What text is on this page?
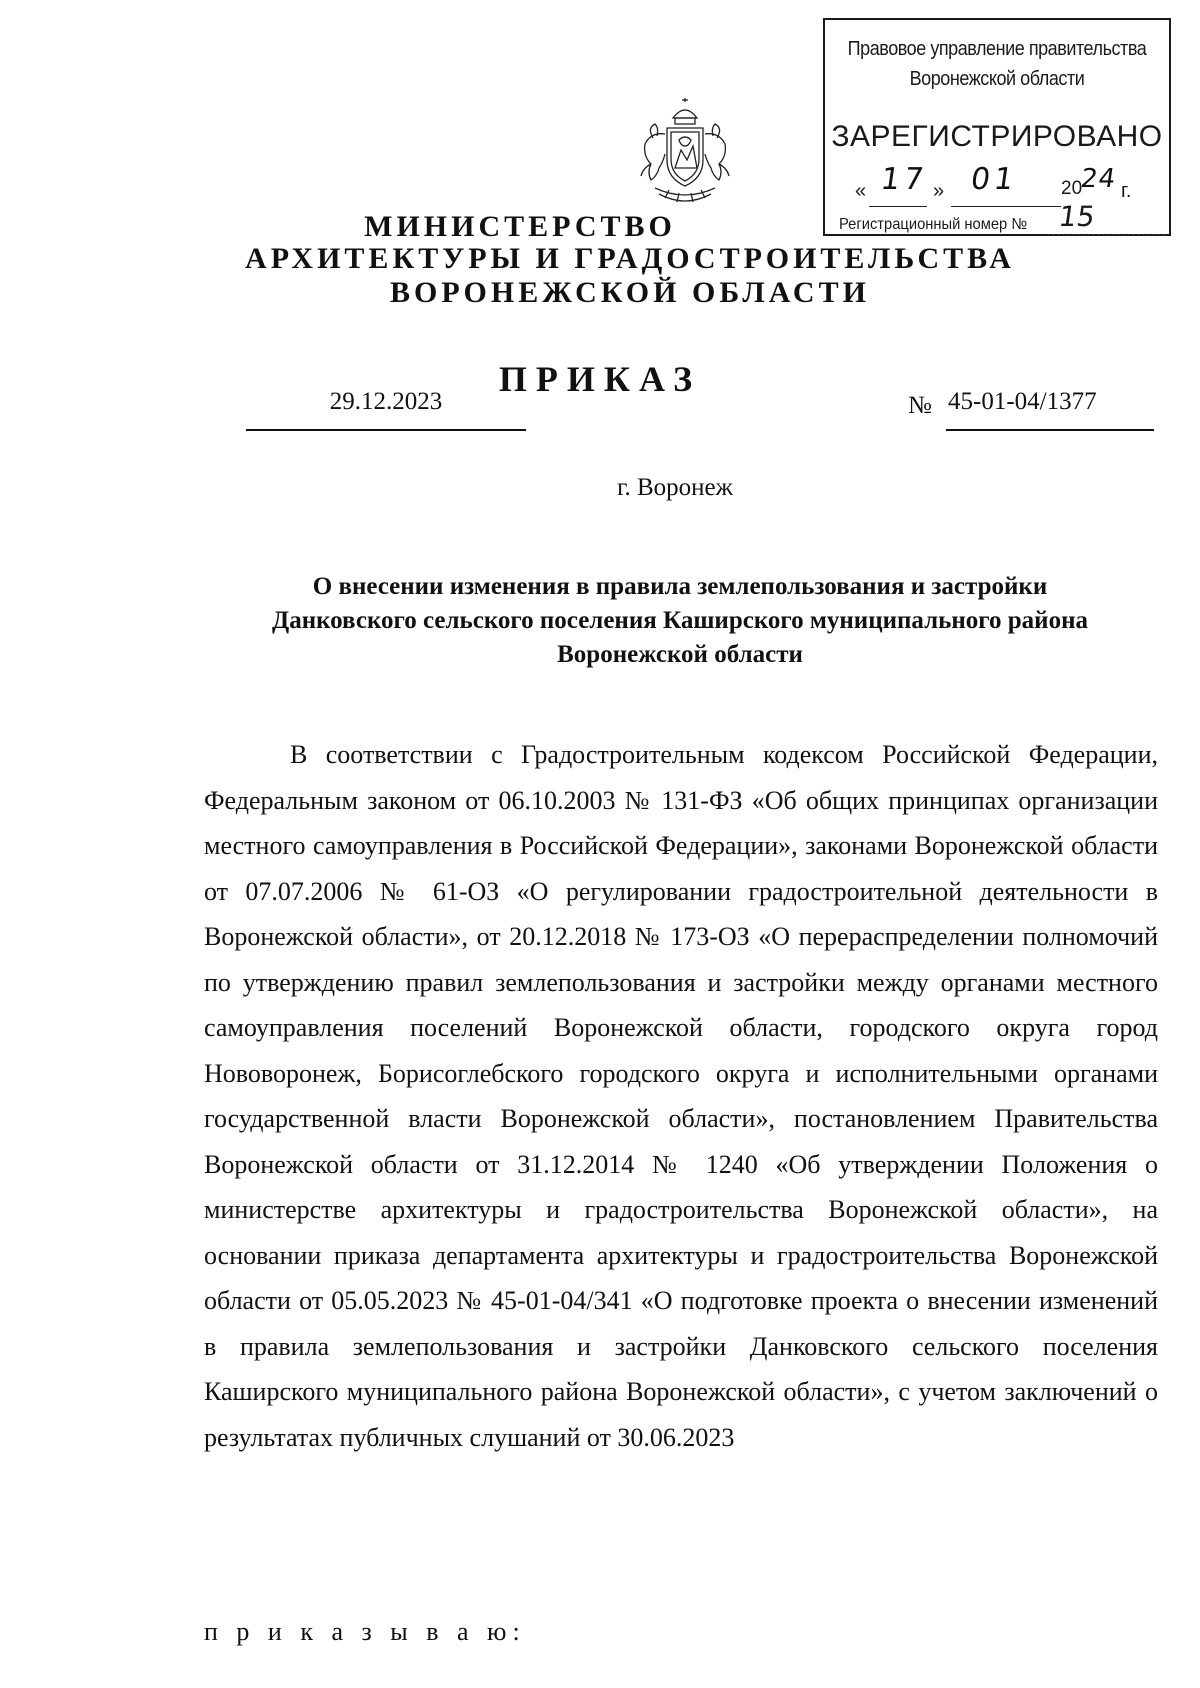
Правовое управление правительства
Воронежской области
ЗАРЕГИСТРИРОВАНО
« 17 » 01 20
24 г.
Регистрационный номер № 15
МИНИСТЕРСТВО
АРХИТЕКТУРЫ И ГРАДОСТРОИТЕЛЬСТВА
ВОРОНЕЖСКОЙ ОБЛАСТИ
ПРИКАЗ
29.12.2023	№ 45-01-04/1377
г. Воронеж
О внесении изменения в правила землепользования и застройки
Данковского сельского поселения Каширского муниципального района
Воронежской области
В соответствии с Градостроительным кодексом Российской Федерации, Федеральным законом от 06.10.2003 № 131-ФЗ «Об общих принципах организации местного самоуправления в Российской Федерации», законами Воронежской области от 07.07.2006 № 61-ОЗ «О регулировании градостроительной деятельности в Воронежской области», от 20.12.2018 № 173-ОЗ «О перераспределении полномочий по утверждению правил землепользования и застройки между органами местного самоуправления поселений Воронежской области, городского округа город Нововоронеж, Борисоглебского городского округа и исполнительными органами государственной власти Воронежской области», постановлением Правительства Воронежской области от 31.12.2014 № 1240 «Об утверждении Положения о министерстве архитектуры и градостроительства Воронежской области», на основании приказа департамента архитектуры и градостроительства Воронежской области от 05.05.2023 № 45-01-04/341 «О подготовке проекта о внесении изменений в правила землепользования и застройки Данковского сельского поселения Каширского муниципального района Воронежской области», с учетом заключений о результатах публичных слушаний от 30.06.2023
п р и к а з ы в а ю:
